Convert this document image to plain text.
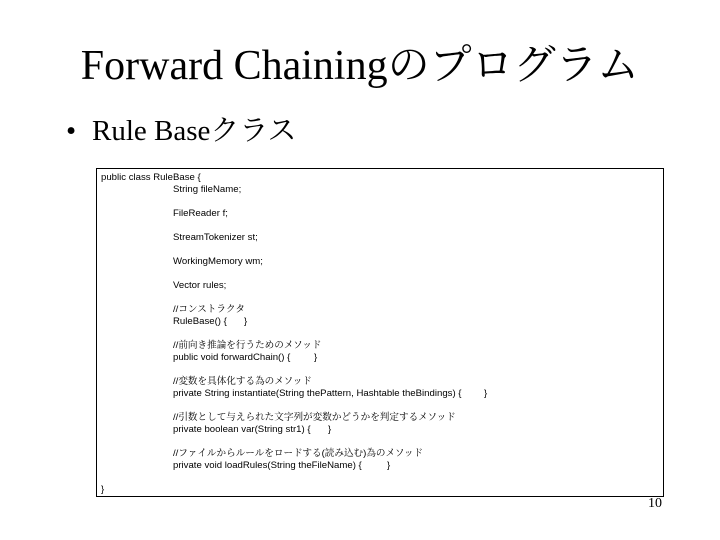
Forward Chainingのプログラム
• Rule Baseクラス
public class RuleBase {
String fileName;
FileReader f;
StreamTokenizer st;
WorkingMemory wm;
Vector rules;
//コンストラクタ
RuleBase() { }
//前向き推論を行うためのメソッド
public void forwardChain() { }
//変数を具体化する為のメソッド
private String instantiate(String thePattern, Hashtable theBindings) { }
//引数として与えられた文字列が変数かどうかを判定するメソッド
private boolean var(String str1) { }
//ファイルからルールをロードする(読み込む)為のメソッド
private void loadRules(String theFileName) {	}
}
10
